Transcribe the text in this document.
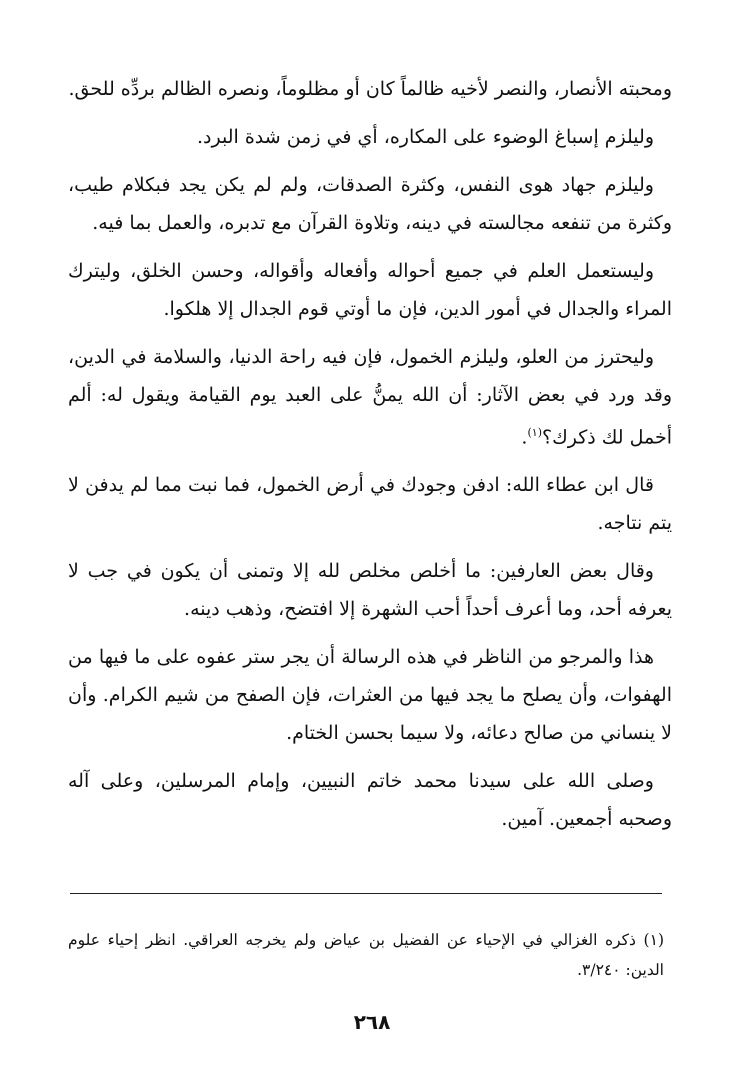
ومحبته الأنصار، والنصر لأخيه ظالماً كان أو مظلوماً، ونصره الظالم بردِّه للحق.

وليلزم إسباغ الوضوء على المكاره، أي في زمن شدة البرد.

وليلزم جهاد هوى النفس، وكثرة الصدقات، ولم لم يكن يجد فبكلام طيب، وكثرة من تنفعه مجالسته في دينه، وتلاوة القرآن مع تدبره، والعمل بما فيه.

وليستعمل العلم في جميع أحواله وأفعاله وأقواله، وحسن الخلق، وليترك المراء والجدال في أمور الدين، فإن ما أوتي قوم الجدال إلا هلكوا.

وليحترز من العلو، وليلزم الخمول، فإن فيه راحة الدنيا، والسلامة في الدين، وقد ورد في بعض الآثار: أن الله يمنُّ على العبد يوم القيامة ويقول له: ألم أخمل لك ذكرك؟$^{(١)}$.

قال ابن عطاء الله: ادفن وجودك في أرض الخمول، فما نبت مما لم يدفن لا يتم نتاجه.

وقال بعض العارفين: ما أخلص مخلص لله إلا وتمنى أن يكون في جب لا يعرفه أحد، وما أعرف أحداً أحب الشهرة إلا افتضح، وذهب دينه.

هذا والمرجو من الناظر في هذه الرسالة أن يجر ستر عفوه على ما فيها من الهفوات، وأن يصلح ما يجد فيها من العثرات، فإن الصفح من شيم الكرام. وأن لا ينساني من صالح دعائه، ولا سيما بحسن الختام.

وصلى الله على سيدنا محمد خاتم النبيين، وإمام المرسلين، وعلى آله وصحبه أجمعين. آمين.

(١) ذكره الغزالي في الإحياء عن الفضيل بن عياض ولم يخرجه العراقي. انظر إحياء علوم الدين: ٣/٢٤٠.
٢٦٨
